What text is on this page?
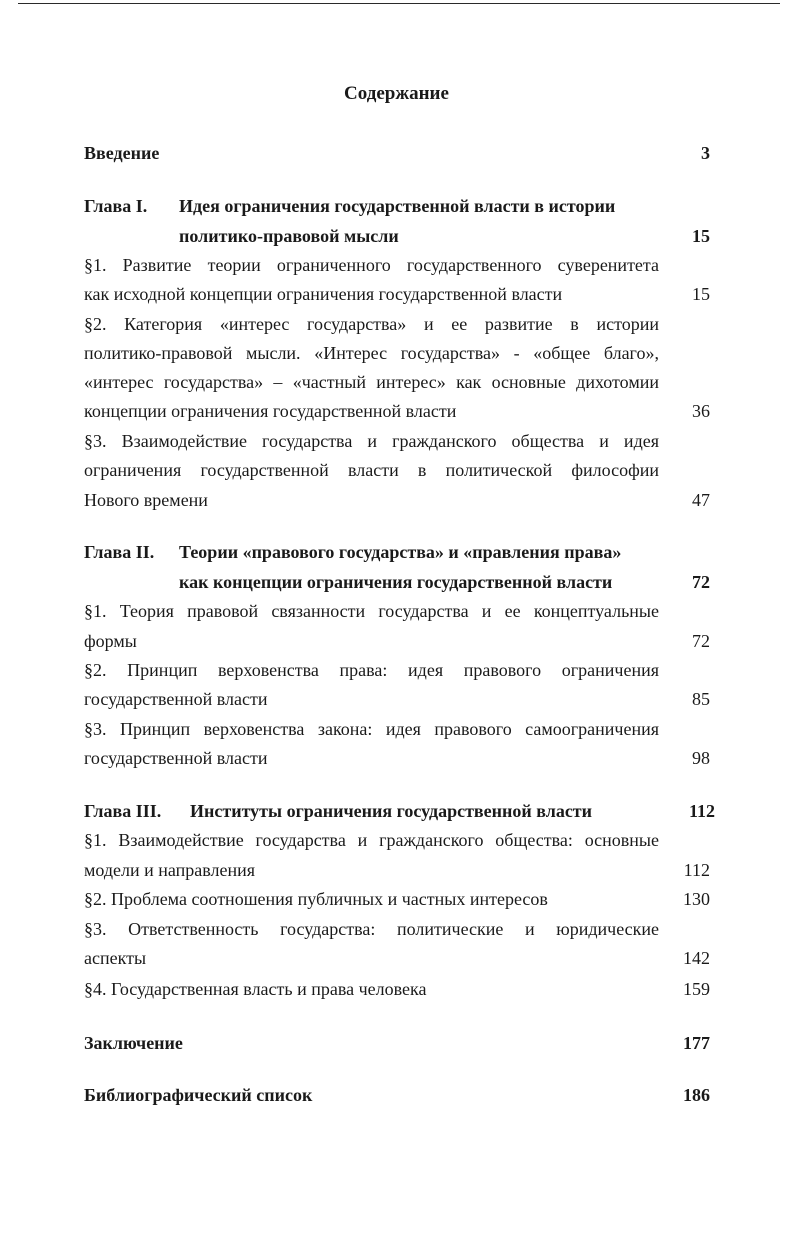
Содержание
Введение	3
Глава I. Идея ограничения государственной власти в истории
политико-правовой мысли	15
§1. Развитие теории ограниченного государственного суверенитета
как исходной концепции ограничения государственной власти	15
§2. Категория «интерес государства» и ее развитие в истории
политико-правовой мысли. «Интерес государства» - «общее благо»,
«интерес государства» – «частный интерес» как основные дихотомии
концепции ограничения государственной власти	36
§3. Взаимодействие государства и гражданского общества и идея
ограничения государственной власти в политической философии
Нового времени	47
Глава II. Теории «правового государства» и «правления права»
как концепции ограничения государственной власти	72
§1. Теория правовой связанности государства и ее концептуальные
формы	72
§2. Принцип верховенства права: идея правового ограничения
государственной власти	85
§3. Принцип верховенства закона: идея правового самоограничения
государственной власти	98
Глава III. Институты ограничения государственной власти	112
§1. Взаимодействие государства и гражданского общества: основные
модели и направления	112
§2. Проблема соотношения публичных и частных интересов	130
§3. Ответственность государства: политические и юридические
аспекты	142
§4. Государственная власть и права человека	159
Заключение	177
Библиографический список	186
